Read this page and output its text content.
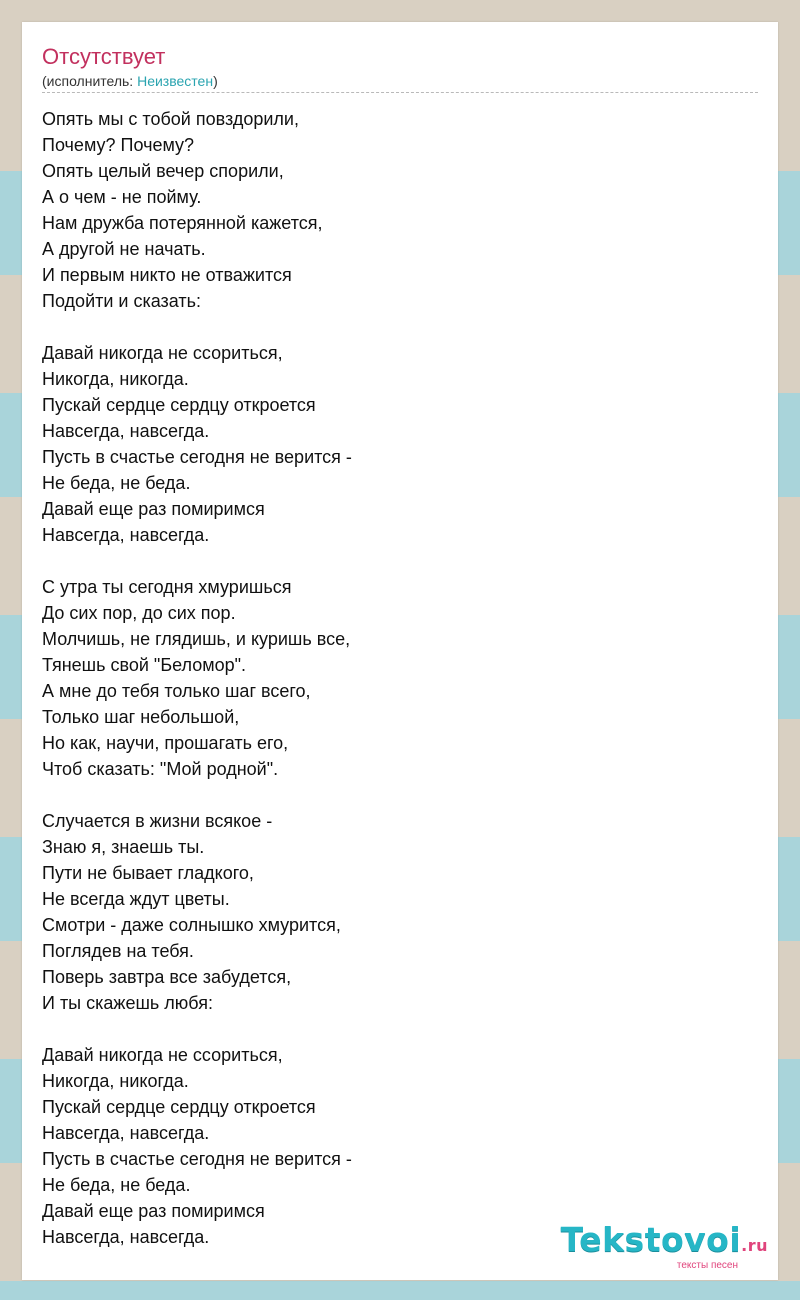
Отсутствует
(исполнитель: Неизвестен)
Опять мы с тобой повздорили,
Почему? Почему?
Опять целый вечер спорили,
А о чем - не пойму.
Нам дружба потерянной кажется,
А другой не начать.
И первым никто не отважится
Подойти и сказать:
Давай никогда не ссориться,
Никогда, никогда.
Пускай сердце сердцу откроется
Навсегда, навсегда.
Пусть в счастье сегодня не верится -
Не беда, не беда.
Давай еще раз помиримся
Навсегда, навсегда.
С утра ты сегодня хмуришься
До сих пор, до сих пор.
Молчишь, не глядишь, и куришь все,
Тянешь свой "Беломор".
А мне до тебя только шаг всего,
Только шаг небольшой,
Но как, научи, прошагать его,
Чтоб сказать: "Мой родной".
Случается в жизни всякое -
Знаю я, знаешь ты.
Пути не бывает гладкого,
Не всегда ждут цветы.
Смотри - даже солнышко хмурится,
Поглядев на тебя.
Поверь завтра все забудется,
И ты скажешь любя:
Давай никогда не ссориться,
Никогда, никогда.
Пускай сердце сердцу откроется
Навсегда, навсегда.
Пусть в счастье сегодня не верится -
Не беда, не беда.
Давай еще раз помиримся
Навсегда, навсегда.	Tekstovoi.ru
тексты песен
